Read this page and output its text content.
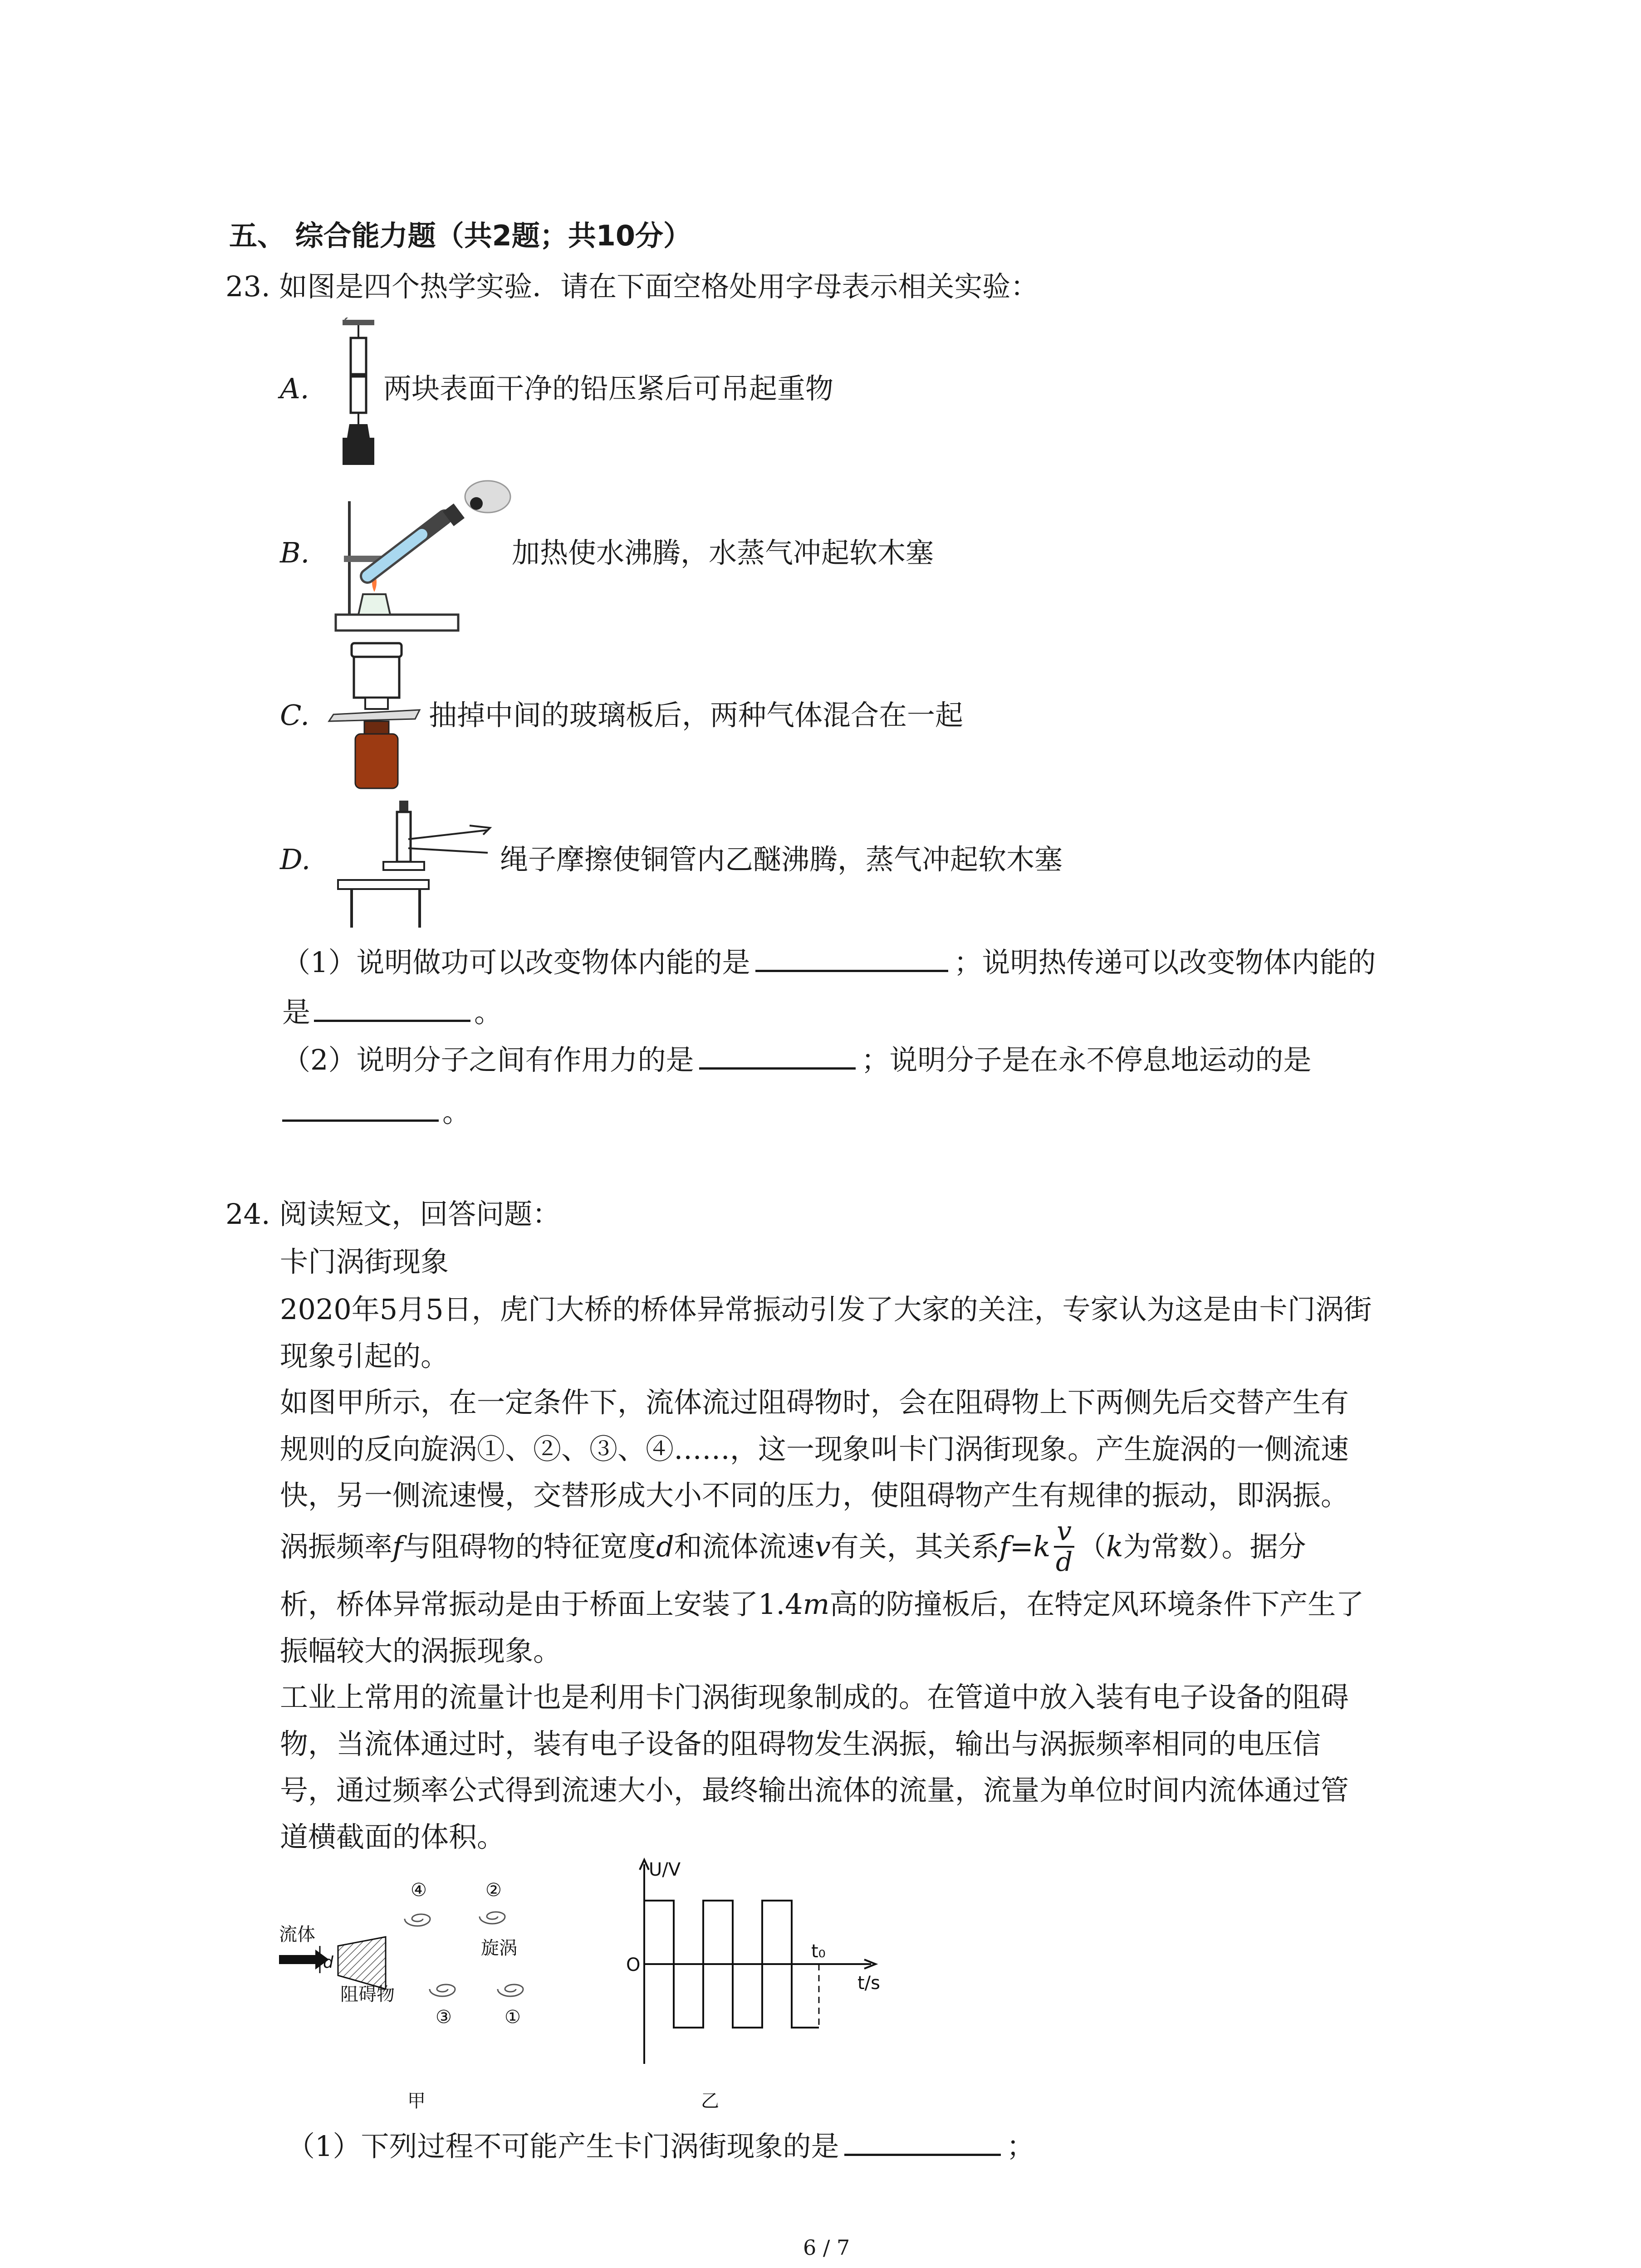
五、 综合能力题（共2题；共10分）
23. 如图是四个热学实验．请在下面空格处用字母表示相关实验：
A.	两块表面干净的铅压紧后可吊起重物
B.	加热使水沸腾，水蒸气冲起软木塞
C.	抽掉中间的玻璃板后，两种气体混合在一起
D.	绳子摩擦使铜管内乙醚沸腾，蒸气冲起软木塞
（1）说明做功可以改变物体内能的是	；说明热传递可以改变物体内能的
是	。
（2）说明分子之间有作用力的是	；说明分子是在永不停息地运动的是
。
24. 阅读短文，回答问题：
卡门涡街现象
2020年5月5日，虎门大桥的桥体异常振动引发了大家的关注，专家认为这是由卡门涡街
现象引起的。
如图甲所示，在一定条件下，流体流过阻碍物时，会在阻碍物上下两侧先后交替产生有
规则的反向旋涡①、②、③、④……，这一现象叫卡门涡街现象。产生旋涡的一侧流速
快，另一侧流速慢，交替形成大小不同的压力，使阻碍物产生有规律的振动，即涡振。
涡振频率 f 与阻碍物的特征宽度 d 和流体流速 v 有关，其关系 f = k $\frac{v}{d}$ （ k 为常数）。据分
析，桥体异常振动是由于桥面上安装了1.4m高的防撞板后，在特定风环境条件下产生了
振幅较大的涡振现象。
工业上常用的流量计也是利用卡门涡街现象制成的。在管道中放入装有电子设备的阻碍
物，当流体通过时，装有电子设备的阻碍物发生涡振，输出与涡振频率相同的电压信
号，通过频率公式得到流速大小，最终输出流体的流量，流量为单位时间内流体通过管
道横截面的体积。
流体
d
阻碍物
④	②
旋涡
③	①
甲
U/V
O
t/s
t₀
乙
（1）下列过程不可能产生卡门涡街现象的是	；
6 / 7
